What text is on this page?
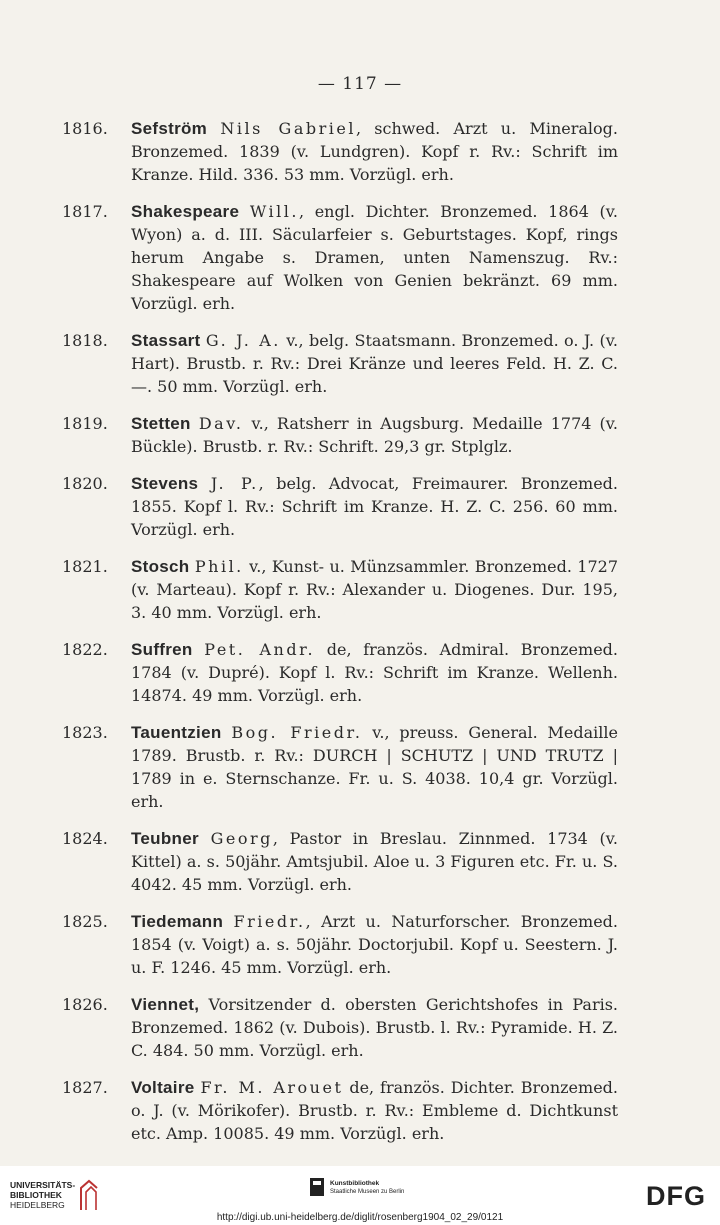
— 117 —
1816. Sefström Nils Gabriel, schwed. Arzt u. Mineralog. Bronzemed. 1839 (v. Lundgren). Kopf r. Rv.: Schrift im Kranze. Hild. 336. 53 mm. Vorzügl. erh.
1817. Shakespeare Will., engl. Dichter. Bronzemed. 1864 (v. Wyon) a. d. III. Säcularfeier s. Geburtstages. Kopf, rings herum Angabe s. Dramen, unten Namenszug. Rv.: Shakespeare auf Wolken von Genien bekränzt. 69 mm. Vorzügl. erh.
1818. Stassart G. J. A. v., belg. Staatsmann. Bronzemed. o. J. (v. Hart). Brustb. r. Rv.: Drei Kränze und leeres Feld. H. Z. C. —. 50 mm. Vorzügl. erh.
1819. Stetten Dav. v., Ratsherr in Augsburg. Medaille 1774 (v. Bückle). Brustb. r. Rv.: Schrift. 29,3 gr. Stplglz.
1820. Stevens J. P., belg. Advocat, Freimaurer. Bronzemed. 1855. Kopf l. Rv.: Schrift im Kranze. H. Z. C. 256. 60 mm. Vorzügl. erh.
1821. Stosch Phil. v., Kunst- u. Münzsammler. Bronzemed. 1727 (v. Marteau). Kopf r. Rv.: Alexander u. Diogenes. Dur. 195, 3. 40 mm. Vorzügl. erh.
1822. Suffren Pet. Andr. de, französ. Admiral. Bronzemed. 1784 (v. Dupré). Kopf l. Rv.: Schrift im Kranze. Wellenh. 14874. 49 mm. Vorzügl. erh.
1823. Tauentzien Bog. Friedr. v., preuss. General. Medaille 1789. Brustb. r. Rv.: DURCH | SCHUTZ | UND TRUTZ | 1789 in e. Sternschanze. Fr. u. S. 4038. 10,4 gr. Vorzügl. erh.
1824. Teubner Georg, Pastor in Breslau. Zinnmed. 1734 (v. Kittel) a. s. 50jähr. Amtsjubil. Aloe u. 3 Figuren etc. Fr. u. S. 4042. 45 mm. Vorzügl. erh.
1825. Tiedemann Friedr., Arzt u. Naturforscher. Bronzemed. 1854 (v. Voigt) a. s. 50jähr. Doctorjubil. Kopf u. Seestern. J. u. F. 1246. 45 mm. Vorzügl. erh.
1826. Viennet, Vorsitzender d. obersten Gerichtshofes in Paris. Bronzemed. 1862 (v. Dubois). Brustb. l. Rv.: Pyramide. H. Z. C. 484. 50 mm. Vorzügl. erh.
1827. Voltaire Fr. M. Arouet de, französ. Dichter. Bronzemed. o. J. (v. Mörikofer). Brustb. r. Rv.: Embleme d. Dichtkunst etc. Amp. 10085. 49 mm. Vorzügl. erh.
UNIVERSITÄTS-
BIBLIOTHEK
HEIDELBERG
Kunstbibliothek
Staatliche Museen zu Berlin	DFG
http://digi.ub.uni-heidelberg.de/diglit/rosenberg1904_02_29/0121
